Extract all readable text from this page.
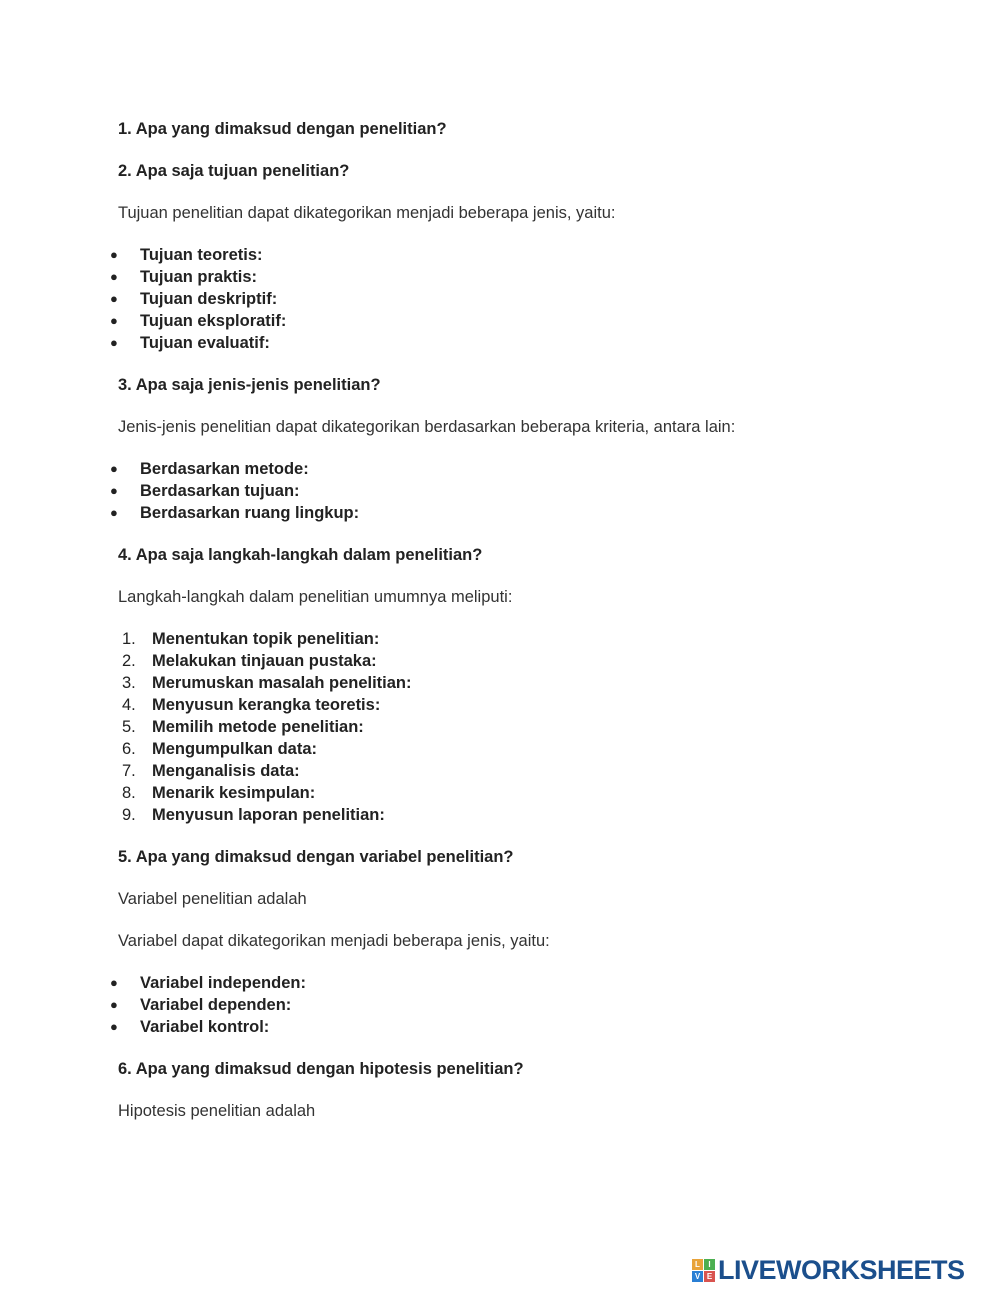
1. Apa yang dimaksud dengan penelitian?

2. Apa saja tujuan penelitian?

Tujuan penelitian dapat dikategorikan menjadi beberapa jenis, yaitu:

● Tujuan teoretis:
● Tujuan praktis:
● Tujuan deskriptif:
● Tujuan eksploratif:
● Tujuan evaluatif:

3. Apa saja jenis-jenis penelitian?

Jenis-jenis penelitian dapat dikategorikan berdasarkan beberapa kriteria, antara lain:

● Berdasarkan metode:
● Berdasarkan tujuan:
● Berdasarkan ruang lingkup:

4. Apa saja langkah-langkah dalam penelitian?

Langkah-langkah dalam penelitian umumnya meliputi:

1. Menentukan topik penelitian:
2. Melakukan tinjauan pustaka:
3. Merumuskan masalah penelitian:
4. Menyusun kerangka teoretis:
5. Memilih metode penelitian:
6. Mengumpulkan data:
7. Menganalisis data:
8. Menarik kesimpulan:
9. Menyusun laporan penelitian:

5. Apa yang dimaksud dengan variabel penelitian?

Variabel penelitian adalah

Variabel dapat dikategorikan menjadi beberapa jenis, yaitu:

● Variabel independen:
● Variabel dependen:
● Variabel kontrol:

6. Apa yang dimaksud dengan hipotesis penelitian?

Hipotesis penelitian adalah

L	I
V E LIVEWORKSHEETS
